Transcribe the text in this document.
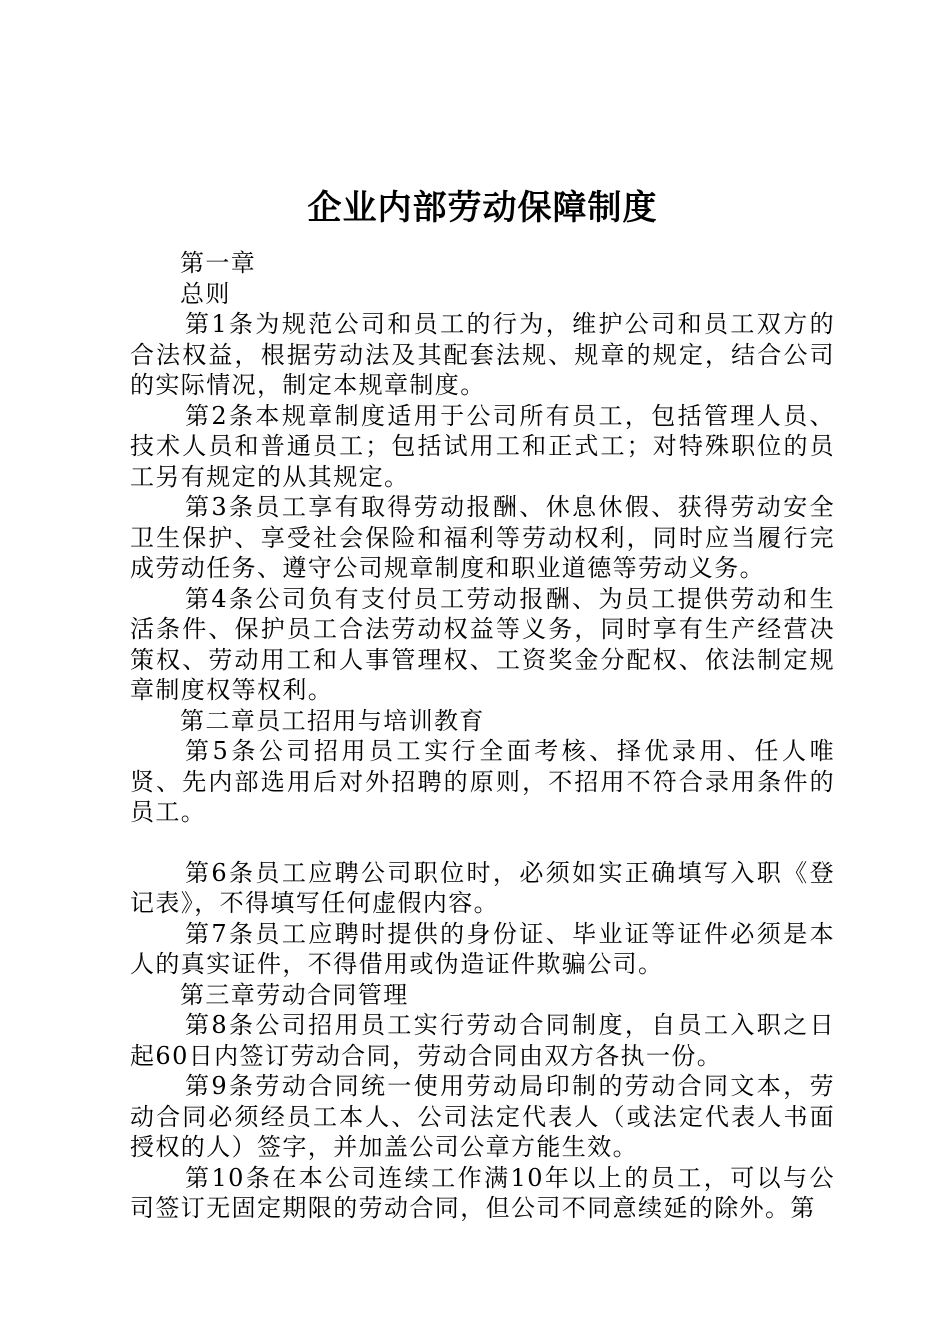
企业内部劳动保障制度

第一章

总则

第1条为规范公司和员工的行为，维护公司和员工双方的合法权益，根据劳动法及其配套法规、规章的规定，结合公司的实际情况，制定本规章制度。

第2条本规章制度适用于公司所有员工，包括管理人员、技术人员和普通员工；包括试用工和正式工；对特殊职位的员工另有规定的从其规定。

第3条员工享有取得劳动报酬、休息休假、获得劳动安全卫生保护、享受社会保险和福利等劳动权利，同时应当履行完成劳动任务、遵守公司规章制度和职业道德等劳动义务。

第4条公司负有支付员工劳动报酬、为员工提供劳动和生活条件、保护员工合法劳动权益等义务，同时享有生产经营决策权、劳动用工和人事管理权、工资奖金分配权、依法制定规章制度权等权利。

第二章员工招用与培训教育

第5条公司招用员工实行全面考核、择优录用、任人唯贤、先内部选用后对外招聘的原则，不招用不符合录用条件的员工。

第6条员工应聘公司职位时，必须如实正确填写入职《登记表》，不得填写任何虚假内容。

第7条员工应聘时提供的身份证、毕业证等证件必须是本人的真实证件，不得借用或伪造证件欺骗公司。

第三章劳动合同管理

第8条公司招用员工实行劳动合同制度，自员工入职之日起60日内签订劳动合同，劳动合同由双方各执一份。

第9条劳动合同统一使用劳动局印制的劳动合同文本，劳动合同必须经员工本人、公司法定代表人（或法定代表人书面授权的人）签字，并加盖公司公章方能生效。

第10条在本公司连续工作满10年以上的员工，可以与公司签订无固定期限的劳动合同，但公司不同意续延的除外。第
